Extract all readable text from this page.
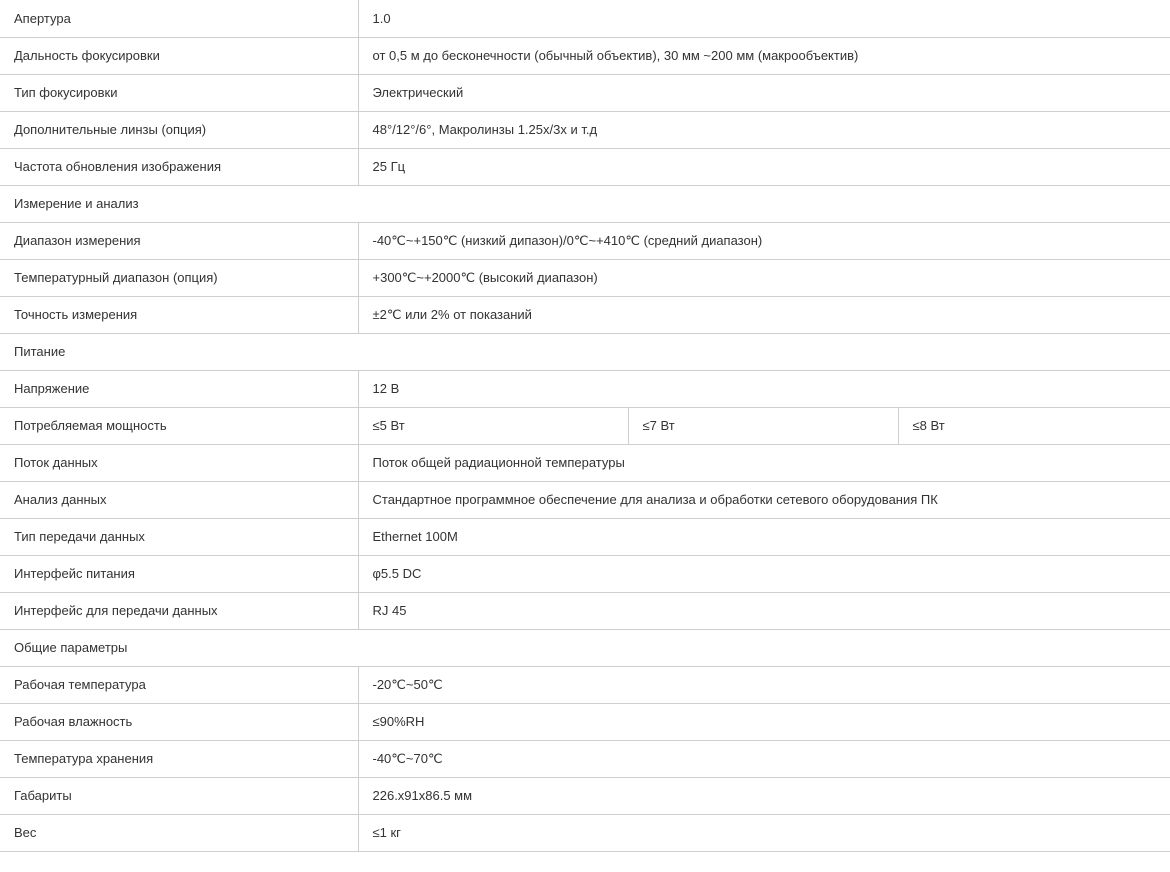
Апертура	1.0		
Дальность фокусировки	от 0,5 м до бесконечности (обычный объектив), 30 мм ~200 мм (макрообъектив)		
Тип фокусировки	Электрический		
Дополнительные линзы (опция)	48°/12°/6°, Макролинзы 1.25x/3x и т.д		
Частота обновления изображения	25 Гц		
Измерение и анализ			
Диапазон измерения	-40℃~+150℃ (низкий дипазон)/0℃~+410℃ (средний диапазон)		
Температурный диапазон (опция)	+300℃~+2000℃ (высокий диапазон)		
Точность измерения	±2℃ или 2% от показаний		
Питание			
Напряжение	12 В		
Потребляемая мощность	≤5 Вт	≤7 Вт	≤8 Вт
Поток данных	Поток общей радиационной температуры		
Анализ данных	Стандартное программное обеспечение для анализа и обработки сетевого оборудования ПК		
Тип передачи данных	Ethernet 100M		
Интерфейс питания	φ5.5 DC		
Интерфейс для передачи данных	RJ 45		
Общие параметры			
Рабочая температура	-20℃~50℃		
Рабочая влажность	≤90%RH		
Температура хранения	-40℃~70℃		
Габариты	226.x91x86.5 мм		
Вес	≤1 кг		
